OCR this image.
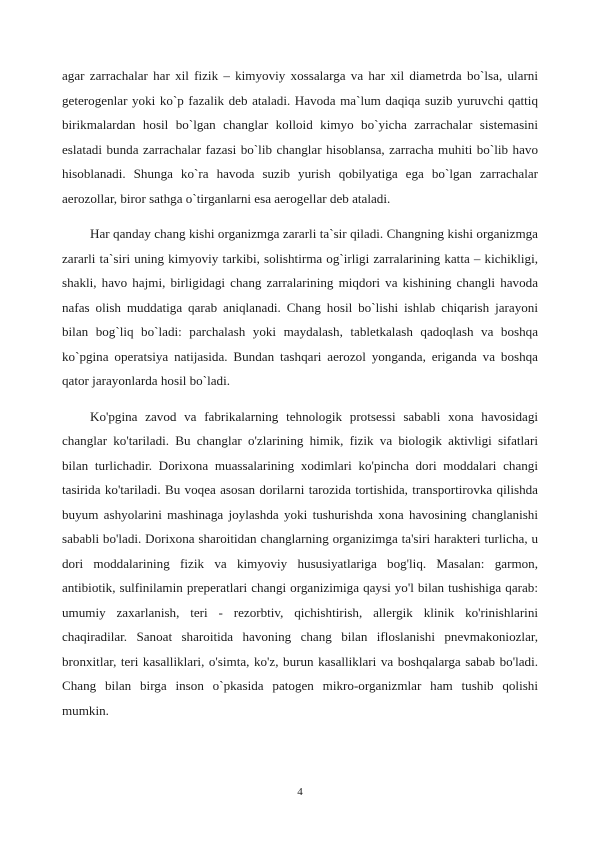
agar zarrachalar har xil fizik – kimyoviy xossalarga va har xil diametrda bo`lsa, ularni geterogenlar yoki ko`p fazalik deb ataladi. Havoda ma`lum daqiqa suzib yuruvchi qattiq birikmalardan hosil bo`lgan changlar kolloid kimyo bo`yicha zarrachalar sistemasini eslatadi bunda zarrachalar fazasi bo`lib changlar hisoblansa, zarracha muhiti bo`lib havo hisoblanadi. Shunga ko`ra havoda suzib yurish qobilyatiga ega bo`lgan zarrachalar aerozollar, biror sathga o`tirganlarni esa aerogellar deb ataladi.

Har qanday chang kishi organizmga zararli ta`sir qiladi. Changning kishi organizmga zararli ta`siri uning kimyoviy tarkibi, solishtirma og`irligi zarralarining katta – kichikligi, shakli, havo hajmi, birligidagi chang zarralarining miqdori va kishining changli havoda nafas olish muddatiga qarab aniqlanadi. Chang hosil bo`lishi ishlab chiqarish jarayoni bilan bog`liq bo`ladi: parchalash yoki maydalash, tabletkalash qadoqlash va boshqa ko`pgina operatsiya natijasida. Bundan tashqari aerozol yonganda, eriganda va boshqa qator jarayonlarda hosil bo`ladi.

Ko'pgina zavod va fabrikalarning tehnologik protsessi sababli xona havosidagi changlar ko'tariladi. Bu changlar o'zlarining himik, fizik va biologik aktivligi sifatlari bilan turlichadir. Dorixona muassalarining xodimlari ko'pincha dori moddalari changi tasirida ko'tariladi. Bu voqea asosan dorilarni tarozida tortishida, transportirovka qilishda buyum ashyolarini mashinaga joylashda yoki tushurishda xona havosining changlanishi sababli bo'ladi. Dorixona sharoitidan changlarning organizimga ta'siri harakteri turlicha, u dori moddalarining fizik va kimyoviy hususiyatlariga bog'liq. Masalan: garmon, antibiotik, sulfinilamin preperatlari changi organizimiga qaysi yo'l bilan tushishiga qarab: umumiy zaxarlanish, teri - rezorbtiv, qichishtirish, allergik klinik ko'rinishlarini chaqiradilar. Sanoat sharoitida havoning chang bilan ifloslanishi pnevmakoniozlar, bronxitlar, teri kasalliklari, o'simta, ko'z, burun kasalliklari va boshqalarga sabab bo'ladi. Chang bilan birga inson o`pkasida patogen mikro-organizmlar ham tushib qolishi mumkin.

4
